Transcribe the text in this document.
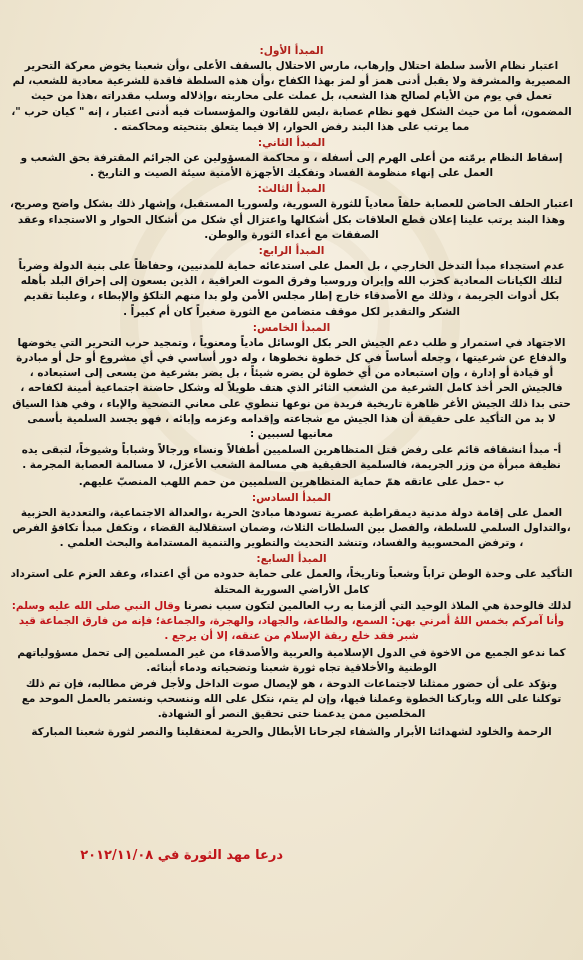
المبدأ الأول:
اعتبار نظام الأسد سلطة احتلال وإرهاب، مارس الاحتلال بالسقف الأعلى ،وأن شعبنا يخوض معركة التحرير المصيرية والمشرفة ولا يقبل أدنى همز أو لمز بهذا الكفاح ،وأن هذه السلطة فاقدة للشرعية معادية للشعب، لم تعمل في يوم من الأيام لصالح هذا الشعب، بل عملت على محاربته ،وإذلاله وسلب مقدراته ،هذا من حيث المضمون، أما من حيث الشكل فهو نظام عصابة ،ليس للقانون والمؤسسات فيه أدنى اعتبار ، إنه " كيان حرب "، مما يرتب على هذا البند رفض الحوار، إلا فيما يتعلق بتنحيته ومحاكمته .
المبدأ الثاني:
إسقاط النظام برمّته من أعلى الهرم إلى أسفله ، و محاكمة المسؤولين عن الجرائم المقترفة بحق الشعب و العمل على إنهاء منظومة الفساد وتفكيك الأجهزة الأمنية سيئة الصيت و التاريخ .
المبدأ الثالث:
اعتبار الحلف الحاضن للعصابة حلفاً معادياً للثورة السورية، ولسوريا المستقبل، وإشهار ذلك بشكل واضح وصريح، وهذا البند يرتب علينا إعلان قطع العلاقات بكل أشكالها واعتزال أي شكل من أشكال الحوار و الاستجداء وعقد الصفقات مع أعداء الثورة والوطن.
المبدأ الرابع:
عدم استجداء مبدأ التدخل الخارجي ، بل العمل على استدعائه حماية للمدنيين، وحفاظاً على بنية الدولة وضرباً لتلك الكيانات المعادية كحزب الله وإيران وروسيا وفرق الموت العراقية ، الذين يسعون إلى إحراق البلد بأهله بكل أدوات الجريمة ، وذلك مع الأصدقاء خارج إطار مجلس الأمن ولو بدا منهم التلكؤ والإبطاء ، وعلينا تقديم الشكر والتقدير لكل موقف متضامن مع الثورة صغيراً كان أم كبيراً .
المبدأ الخامس:
الاجتهاد في استمرار و طلب دعم الجيش الحر بكل الوسائل مادياً ومعنوياً ، وتمجيد حرب التحرير التي يخوضها والدفاع عن شرعيتها ، وجعله أساساً في كل خطوة نخطوها ، وله دور أساسي في أي مشروع أو حل أو مبادرة أو قيادة أو إدارة ، وإن استبعاده من أي خطوة لن يضره شيئاً ، بل يضر بشرعية من يسعى إلى استبعاده ، فالجيش الحر أخذ كامل الشرعية من الشعب الثائر الذي هتف طويلاً له وشكل حاضنة اجتماعية أمينة لكفاحه ، حتى بدا ذلك الجيش الأغر ظاهرة تاريخية فريدة من نوعها تنطوي على معاني التضحية والإباء ، وفي هذا السياق لا بد من التأكيد على حقيقة أن هذا الجيش مع شجاعته وإقدامه وعزمه وإبائه ، فهو يجسد السلمية بأسمى معانيها لسببين :
أ- مبدأ انشقاقه قائم على رفض قتل المتظاهرين السلميين أطفالاً ونساء ورجالاً وشباباً وشيوخاً، لتبقى يده نظيفة مبرأة من وزر الجريمة، فالسلمية الحقيقية هي مسالمة الشعب الأعزل، لا مسالمة العصابة المجرمة .
ب -حمل على عاتقه همّ حماية المتظاهرين السلميين من حمم اللهب المنصبّ عليهم.
المبدأ السادس:
العمل على إقامة دولة مدنية ديمقراطية عصرية تسودها مبادئ الحرية ،والعدالة الاجتماعية، والتعددية الحزبية ،والتداول السلمي للسلطة، والفصل بين السلطات الثلاث، وضمان استقلالية القضاء ، وتكفل مبدأ تكافؤ الفرص ، وترفض المحسوبية والفساد، وتنشد التحديث والتطوير والتنمية المستدامة والبحث العلمي .
المبدأ السابع:
التأكيد على وحدة الوطن تراباً وشعباً وتاريخاً، والعمل على حماية حدوده من أي اعتداء، وعقد العزم على استرداد كامل الأراضي السورية المحتلة
لذلك فالوحدة هي الملاذ الوحيد التي ألزمنا به رب العالمين لتكون سبب نصرنا وقال النبي صلى الله عليه وسلم: وأنا آمركم بخمس اللهُ أمرني بهن: السمع، والطاعة، والجهاد، والهجرة، والجماعة؛ فإنه من فارق الجماعة قيد شبر فقد خلع ربقة الإسلام من عنقه، إلا أن يرجع .
كما ندعو الجميع من الاخوة في الدول الإسلامية والعربية والأصدقاء من غير المسلمين إلى تحمل مسؤولياتهم الوطنية والأخلاقية تجاه ثورة شعبنا وتضحياته ودماء أبنائه.
ونؤكد على أن حضور ممثلنا لاجتماعات الدوحة ، هو لإيصال صوت الداخل ولأجل فرض مطالبه، فإن تم ذلك توكلنا على الله وباركنا الخطوة وعملنا فيها، وإن لم يتم، نتكل على الله وننسحب ونستمر بالعمل الموحد مع المخلصين ممن يدعمنا حتى تحقيق النصر أو الشهادة.
الرحمة والخلود لشهدائنا الأبرار والشفاء لجرحانا الأبطال والحرية لمعتقلينا والنصر لثورة شعبنا المباركة
درعا مهد الثورة في ٢٠١٢/١١/٠٨
